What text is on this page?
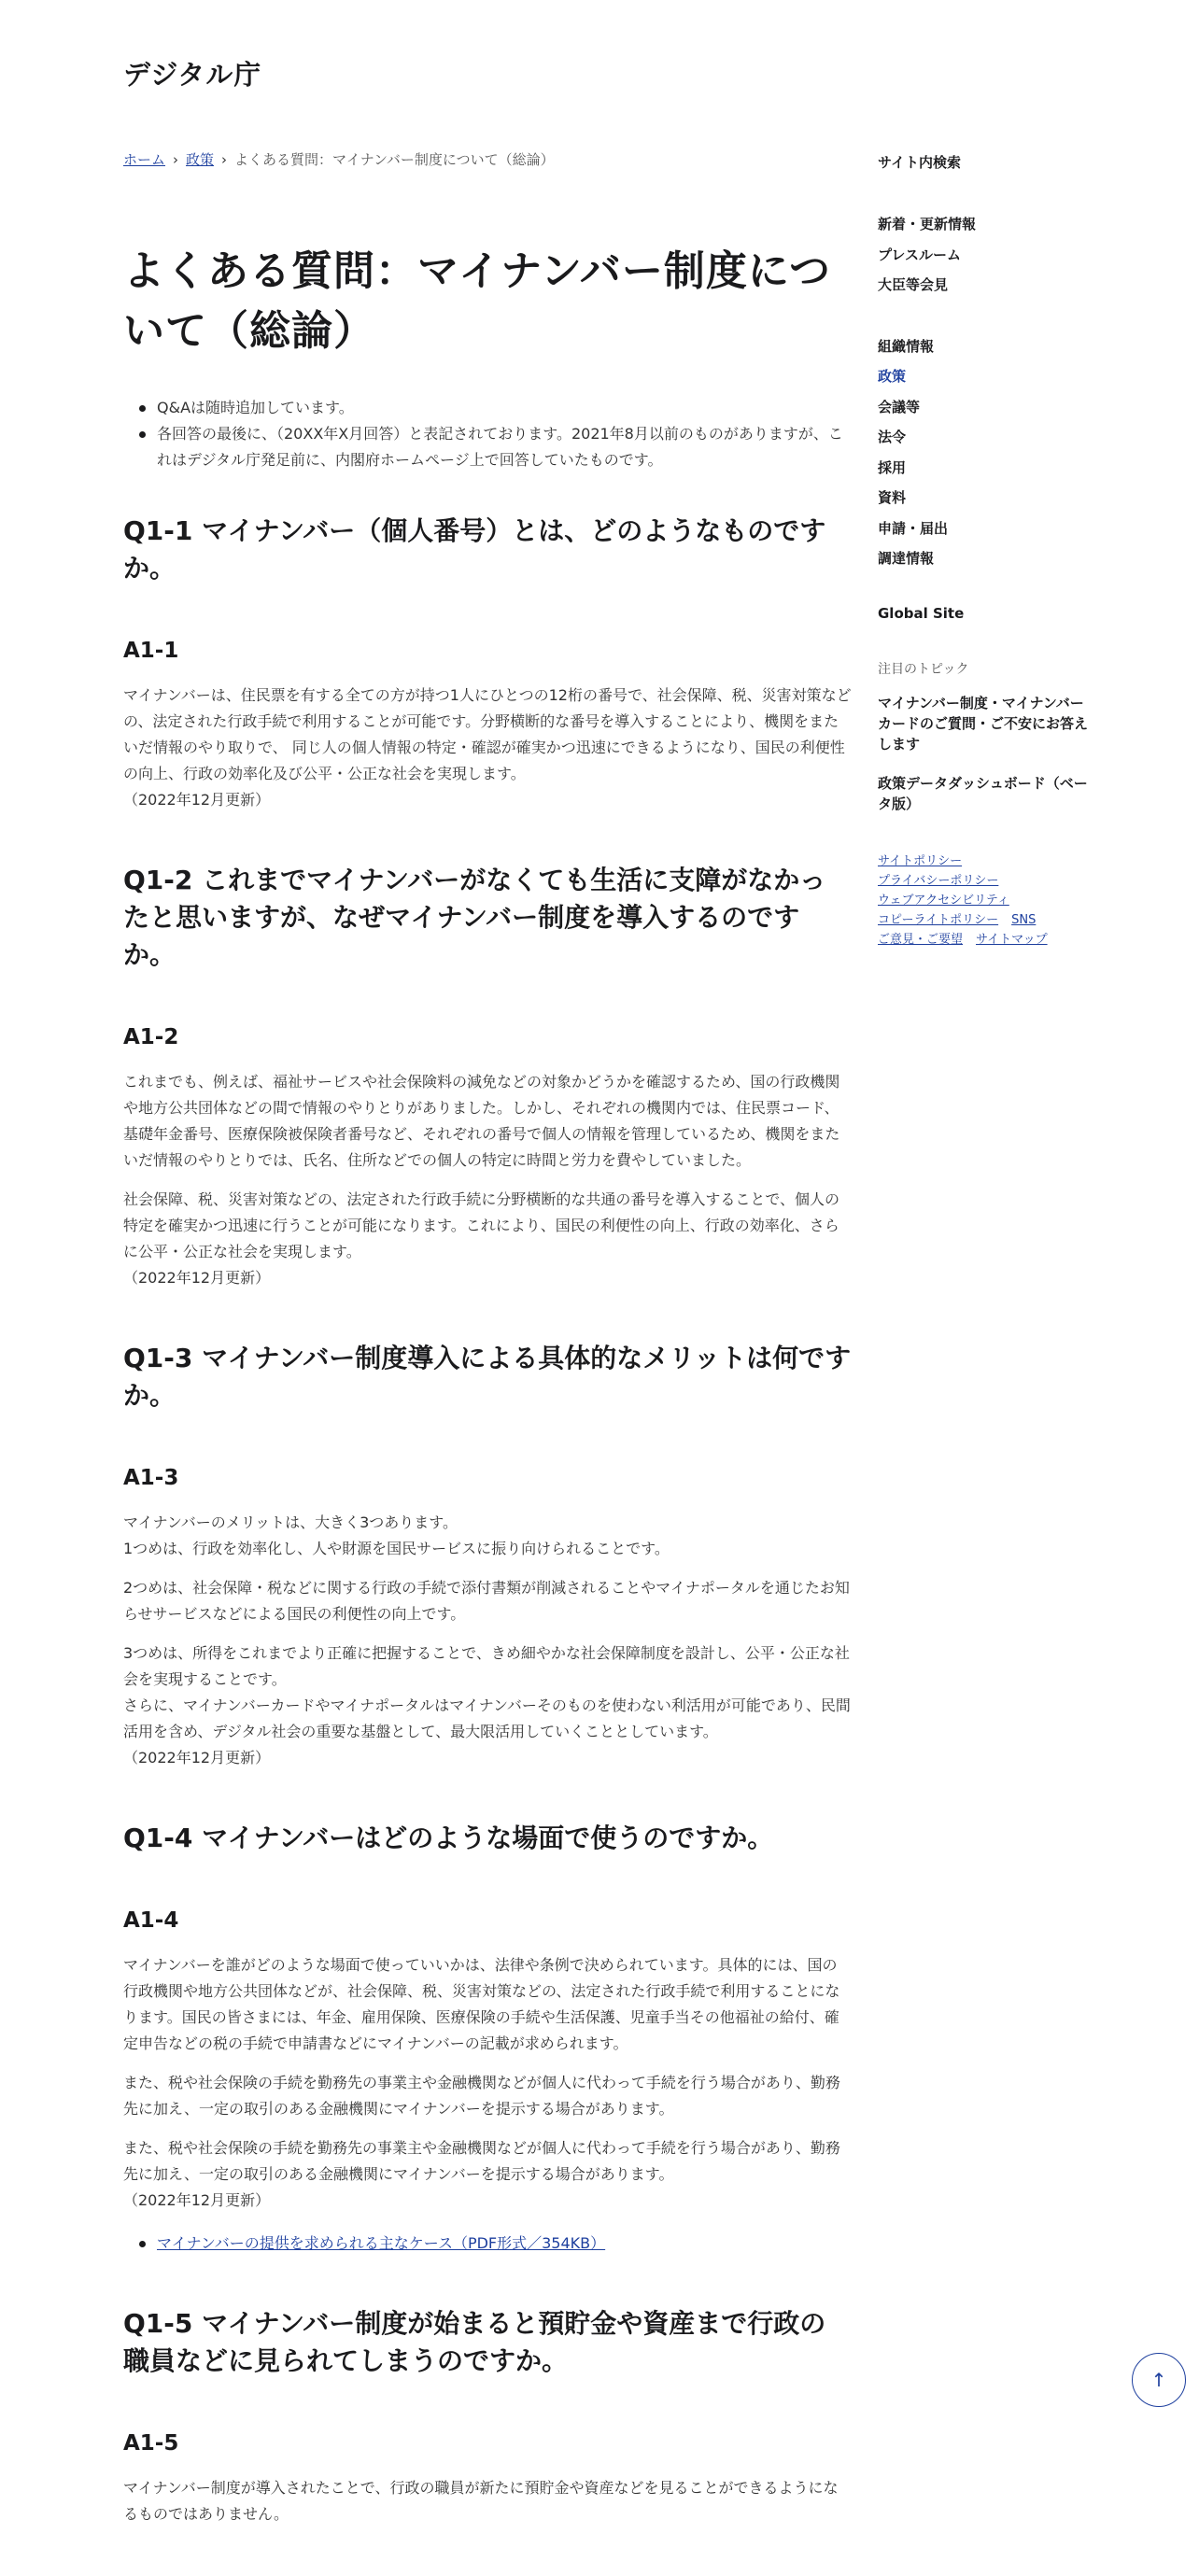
デジタル庁
ホーム › 政策 › よくある質問：マイナンバー制度について（総論）
よくある質問：マイナンバー制度について（総論）
Q&Aは随時追加しています。
各回答の最後に、（20XX年X月回答）と表記されております。2021年8月以前のものがありますが、これはデジタル庁発足前に、内閣府ホームページ上で回答していたものです。
Q1-1 マイナンバー（個人番号）とは、どのようなものですか。
A1-1

マイナンバーは、住民票を有する全ての方が持つ1人にひとつの12桁の番号で、社会保障、税、災害対策などの、法定された行政手続で利用することが可能です。分野横断的な番号を導入することにより、機関をまたいだ情報のやり取りで、 同じ人の個人情報の特定・確認が確実かつ迅速にできるようになり、国民の利便性の向上、行政の効率化及び公平・公正な社会を実現します。
（2022年12月更新）

Q1-2 これまでマイナンバーがなくても生活に支障がなかったと思いますが、なぜマイナンバー制度を導入するのですか。
A1-2

これまでも、例えば、福祉サービスや社会保険料の減免などの対象かどうかを確認するため、国の行政機関や地方公共団体などの間で情報のやりとりがありました。しかし、それぞれの機関内では、住民票コード、基礎年金番号、医療保険被保険者番号など、それぞれの番号で個人の情報を管理しているため、機関をまたいだ情報のやりとりでは、氏名、住所などでの個人の特定に時間と労力を費やしていました。

社会保障、税、災害対策などの、法定された行政手続に分野横断的な共通の番号を導入することで、個人の特定を確実かつ迅速に行うことが可能になります。これにより、国民の利便性の向上、行政の効率化、さらに公平・公正な社会を実現します。
（2022年12月更新）

Q1-3 マイナンバー制度導入による具体的なメリットは何ですか。
A1-3

マイナンバーのメリットは、大きく3つあります。
1つめは、行政を効率化し、人や財源を国民サービスに振り向けられることです。

2つめは、社会保障・税などに関する行政の手続で添付書類が削減されることやマイナポータルを通じたお知らせサービスなどによる国民の利便性の向上です。

3つめは、所得をこれまでより正確に把握することで、きめ細やかな社会保障制度を設計し、公平・公正な社会を実現することです。
さらに、マイナンバーカードやマイナポータルはマイナンバーそのものを使わない利活用が可能であり、民間活用を含め、デジタル社会の重要な基盤として、最大限活用していくこととしています。
（2022年12月更新）

Q1-4 マイナンバーはどのような場面で使うのですか。
A1-4

マイナンバーを誰がどのような場面で使っていいかは、法律や条例で決められています。具体的には、国の行政機関や地方公共団体などが、社会保障、税、災害対策などの、法定された行政手続で利用することになります。国民の皆さまには、年金、雇用保険、医療保険の手続や生活保護、児童手当その他福祉の給付、確定申告などの税の手続で申請書などにマイナンバーの記載が求められます。

また、税や社会保険の手続を勤務先の事業主や金融機関などが個人に代わって手続を行う場合があり、勤務先に加え、一定の取引のある金融機関にマイナンバーを提示する場合があります。

また、税や社会保険の手続を勤務先の事業主や金融機関などが個人に代わって手続を行う場合があり、勤務先に加え、一定の取引のある金融機関にマイナンバーを提示する場合があります。
（2022年12月更新）

マイナンバーの提供を求められる主なケース（PDF形式／354KB）
Q1-5 マイナンバー制度が始まると預貯金や資産まで行政の職員などに見られてしまうのですか。
A1-5

マイナンバー制度が導入されたことで、行政の職員が新たに預貯金や資産などを見ることができるようになるものではありません。

サイト内検索
新着・更新情報
プレスルーム
大臣等会見
組織情報
政策
会議等
法令
採用
資料
申請・届出
調達情報
Global Site
注目のトピック
マイナンバー制度・マイナンバーカードのご質問・ご不安にお答えします
政策データダッシュボード（ベータ版）
サイトポリシー
プライバシーポリシー
ウェブアクセシビリティ
コピーライトポリシー SNS
ご意見・ご要望 サイトマップ
↑
